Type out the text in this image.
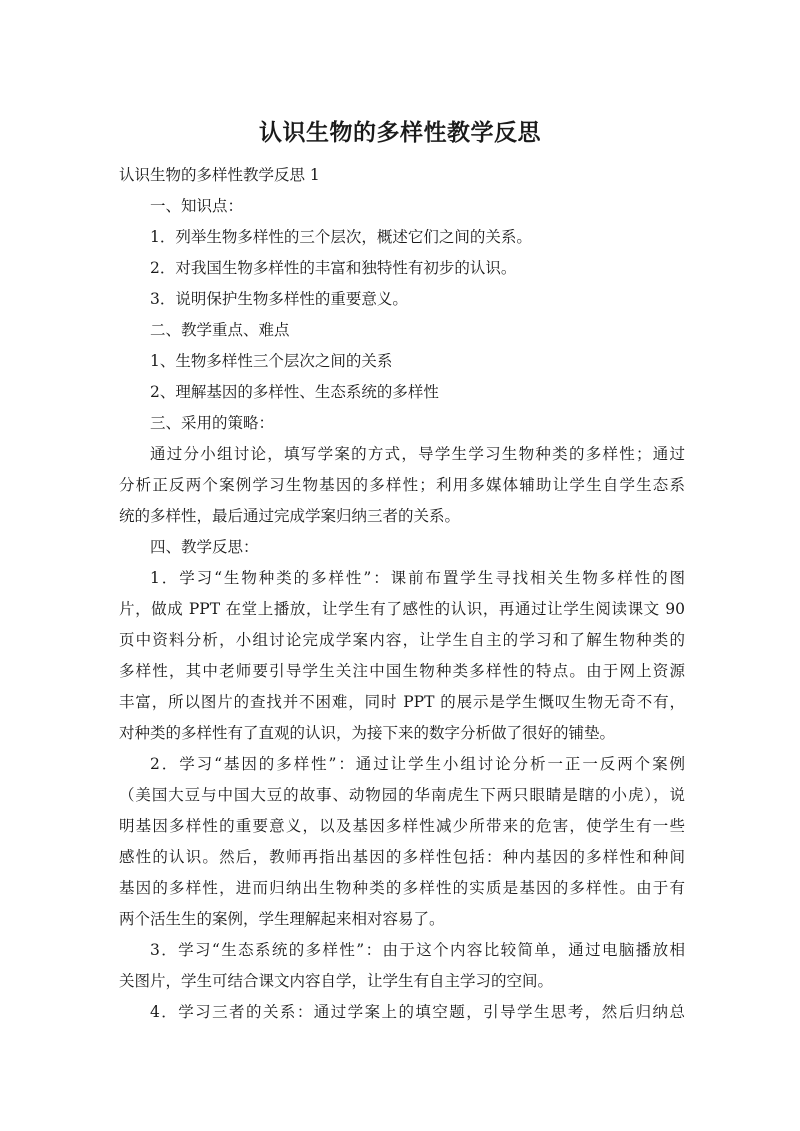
认识生物的多样性教学反思
认识生物的多样性教学反思 1
一、知识点：
1．列举生物多样性的三个层次，概述它们之间的关系。
2．对我国生物多样性的丰富和独特性有初步的认识。
3．说明保护生物多样性的重要意义。
二、教学重点、难点
1、生物多样性三个层次之间的关系
2、理解基因的多样性、生态系统的多样性
三、采用的策略：
通过分小组讨论，填写学案的方式，导学生学习生物种类的多样性；通过
分析正反两个案例学习生物基因的多样性；利用多媒体辅助让学生自学生态系
统的多样性，最后通过完成学案归纳三者的关系。
四、教学反思：
1．学习“生物种类的多样性”：课前布置学生寻找相关生物多样性的图
片，做成 PPT 在堂上播放，让学生有了感性的认识，再通过让学生阅读课文 90
页中资料分析，小组讨论完成学案内容，让学生自主的学习和了解生物种类的
多样性，其中老师要引导学生关注中国生物种类多样性的特点。由于网上资源
丰富，所以图片的查找并不困难，同时 PPT 的展示是学生慨叹生物无奇不有，
对种类的多样性有了直观的认识，为接下来的数字分析做了很好的铺垫。
2．学习“基因的多样性”：通过让学生小组讨论分析一正一反两个案例
（美国大豆与中国大豆的故事、动物园的华南虎生下两只眼睛是瞎的小虎），说
明基因多样性的重要意义，以及基因多样性减少所带来的危害，使学生有一些
感性的认识。然后，教师再指出基因的多样性包括：种内基因的多样性和种间
基因的多样性，进而归纳出生物种类的多样性的实质是基因的多样性。由于有
两个活生生的案例，学生理解起来相对容易了。
3．学习“生态系统的多样性”：由于这个内容比较简单，通过电脑播放相
关图片，学生可结合课文内容自学，让学生有自主学习的空间。
4．学习三者的关系：通过学案上的填空题，引导学生思考，然后归纳总
